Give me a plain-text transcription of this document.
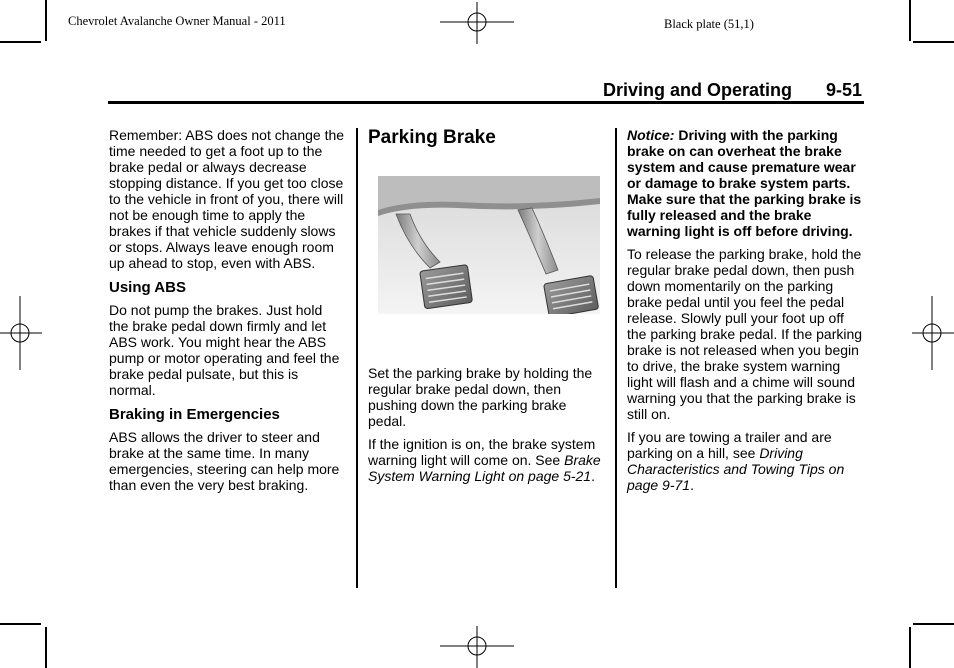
Chevrolet Avalanche Owner Manual - 2011	Black plate (51,1)
Driving and Operating 9-51

Remember: ABS does not change the time needed to get a foot up to the brake pedal or always decrease stopping distance. If you get too close to the vehicle in front of you, there will not be enough time to apply the brakes if that vehicle suddenly slows or stops. Always leave enough room up ahead to stop, even with ABS.

Using ABS

Do not pump the brakes. Just hold the brake pedal down firmly and let ABS work. You might hear the ABS pump or motor operating and feel the brake pedal pulsate, but this is normal.

Braking in Emergencies

ABS allows the driver to steer and brake at the same time. In many emergencies, steering can help more than even the very best braking.

Parking Brake

Set the parking brake by holding the regular brake pedal down, then pushing down the parking brake pedal.

If the ignition is on, the brake system warning light will come on. See Brake System Warning Light on page 5-21.

Notice: Driving with the parking brake on can overheat the brake system and cause premature wear or damage to brake system parts. Make sure that the parking brake is fully released and the brake warning light is off before driving.

To release the parking brake, hold the regular brake pedal down, then push down momentarily on the parking brake pedal until you feel the pedal release. Slowly pull your foot up off the parking brake pedal. If the parking brake is not released when you begin to drive, the brake system warning light will flash and a chime will sound warning you that the parking brake is still on.

If you are towing a trailer and are parking on a hill, see Driving Characteristics and Towing Tips on page 9-71.
